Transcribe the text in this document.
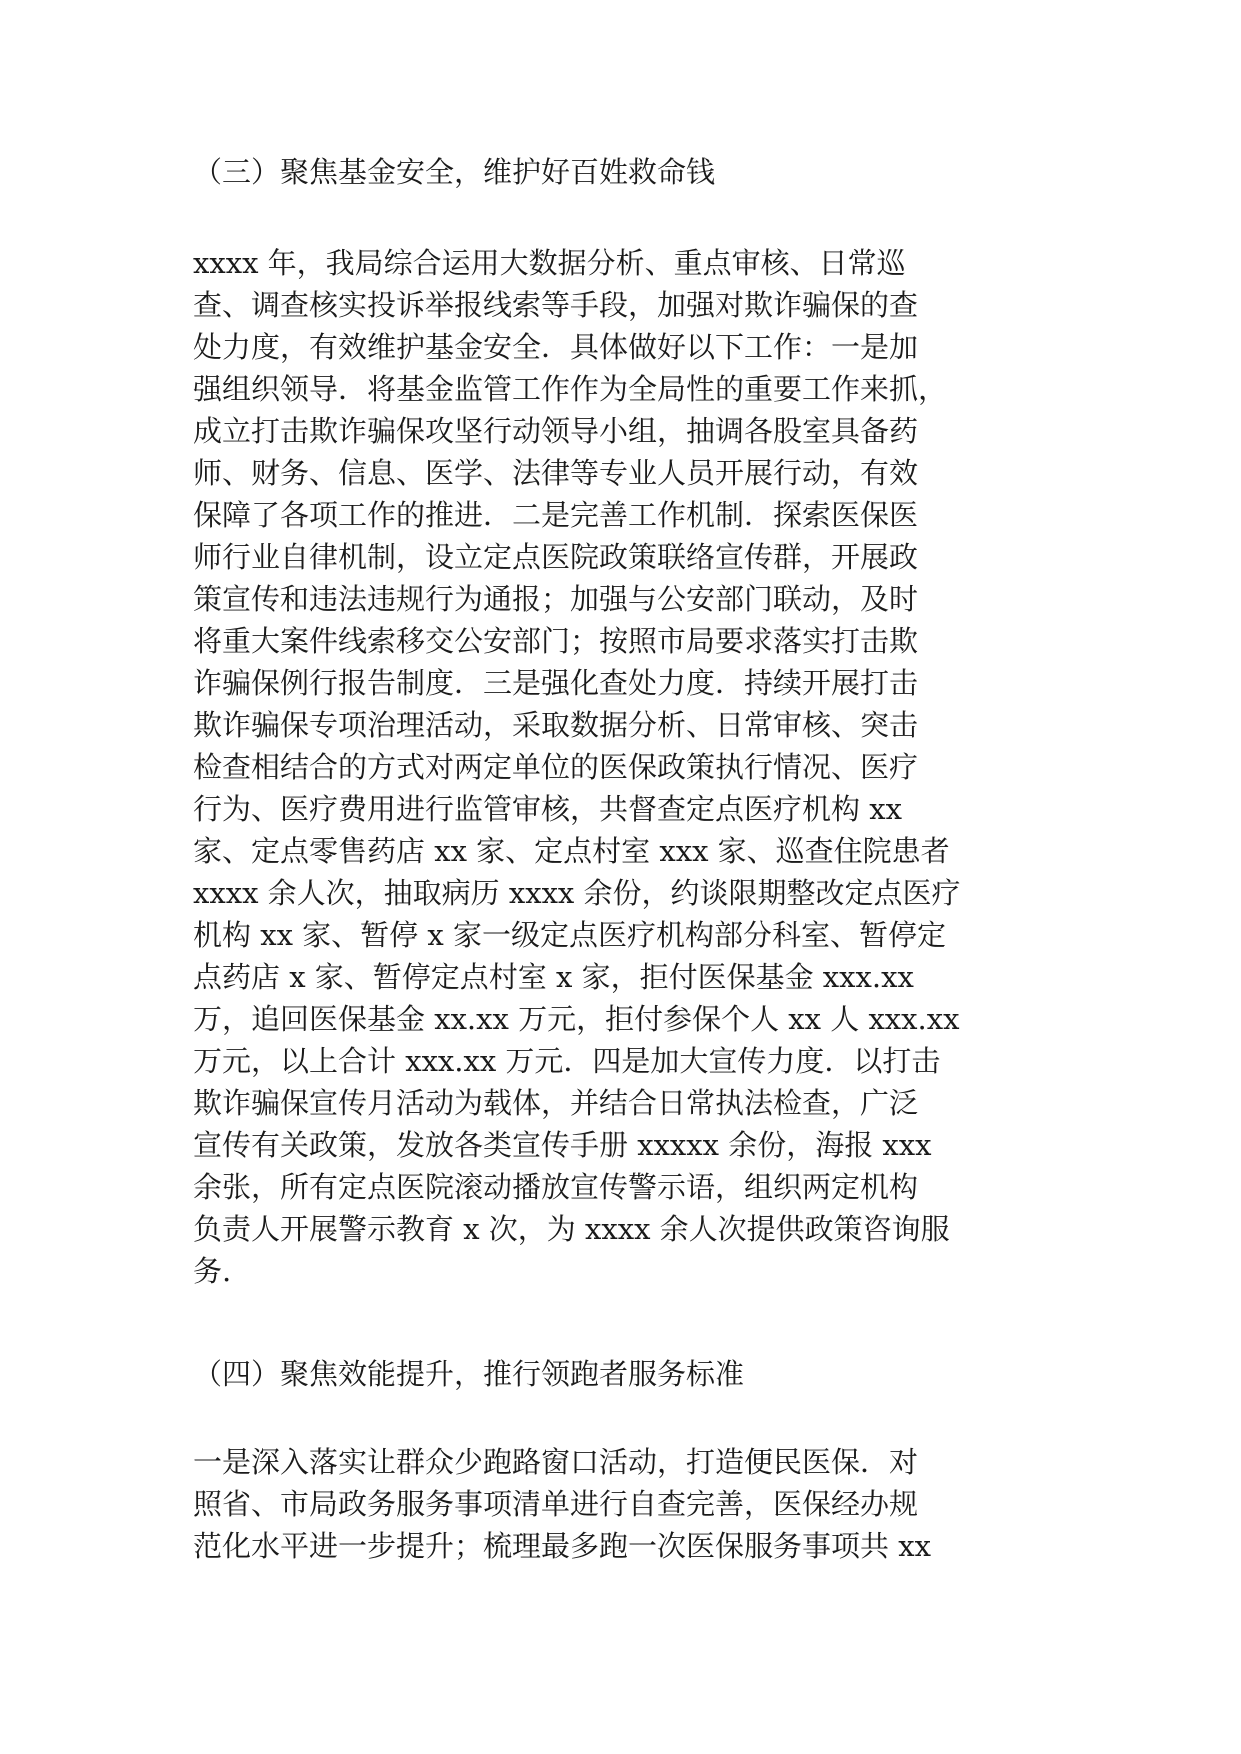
（三）聚焦基金安全，维护好百姓救命钱
xxxx 年，我局综合运用大数据分析、重点审核、日常巡
查、调查核实投诉举报线索等手段，加强对欺诈骗保的查
处力度，有效维护基金安全．具体做好以下工作：一是加
强组织领导．将基金监管工作作为全局性的重要工作来抓，
成立打击欺诈骗保攻坚行动领导小组，抽调各股室具备药
师、财务、信息、医学、法律等专业人员开展行动，有效
保障了各项工作的推进．二是完善工作机制．探索医保医
师行业自律机制，设立定点医院政策联络宣传群，开展政
策宣传和违法违规行为通报；加强与公安部门联动，及时
将重大案件线索移交公安部门；按照市局要求落实打击欺
诈骗保例行报告制度．三是强化查处力度．持续开展打击
欺诈骗保专项治理活动，采取数据分析、日常审核、突击
检查相结合的方式对两定单位的医保政策执行情况、医疗
行为、医疗费用进行监管审核，共督查定点医疗机构 xx
家、定点零售药店 xx 家、定点村室 xxx 家、巡查住院患者
xxxx 余人次，抽取病历 xxxx 余份，约谈限期整改定点医疗
机构 xx 家、暂停 x 家一级定点医疗机构部分科室、暂停定
点药店 x 家、暂停定点村室 x 家，拒付医保基金 xxx.xx
万，追回医保基金 xx.xx 万元，拒付参保个人 xx 人 xxx.xx
万元，以上合计 xxx.xx 万元．四是加大宣传力度．以打击
欺诈骗保宣传月活动为载体，并结合日常执法检查，广泛
宣传有关政策，发放各类宣传手册 xxxxx 余份，海报 xxx
余张，所有定点医院滚动播放宣传警示语，组织两定机构
负责人开展警示教育 x 次，为 xxxx 余人次提供政策咨询服
务.
（四）聚焦效能提升，推行领跑者服务标准
一是深入落实让群众少跑路窗口活动，打造便民医保．对
照省、市局政务服务事项清单进行自查完善，医保经办规
范化水平进一步提升；梳理最多跑一次医保服务事项共 xx
